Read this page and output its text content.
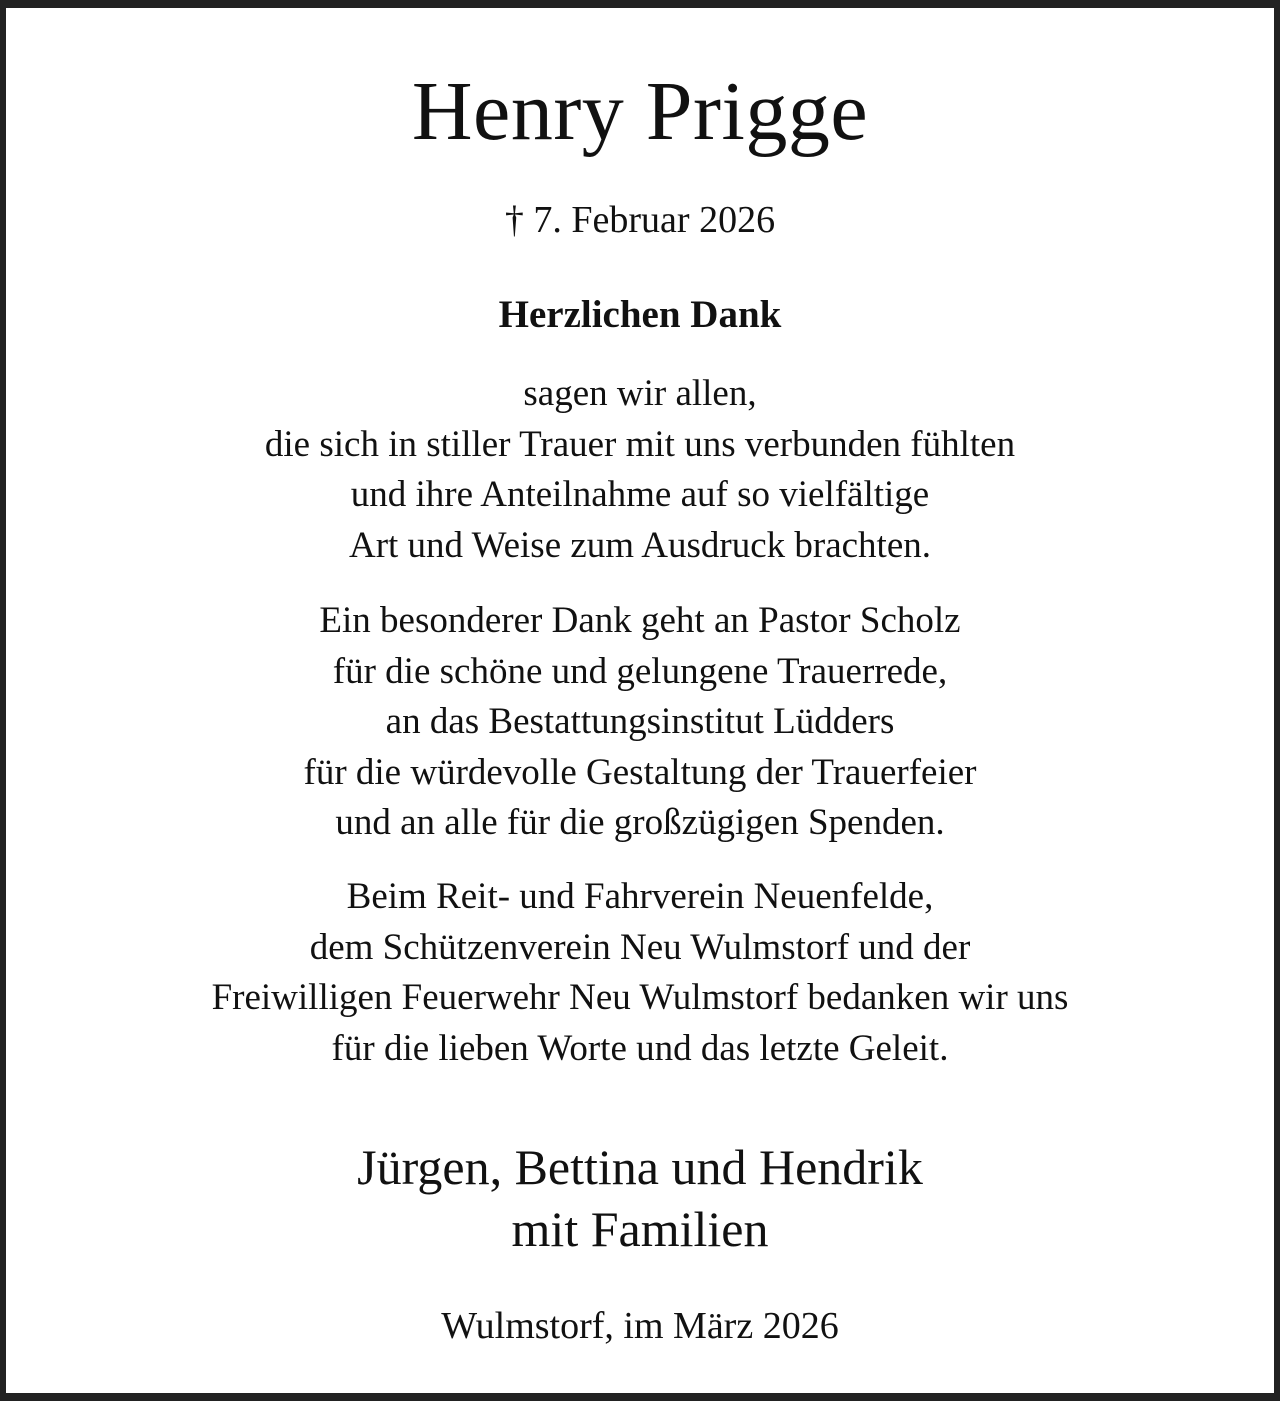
Henry Prigge
† 7. Februar 2026
Herzlichen Dank
sagen wir allen,
die sich in stiller Trauer mit uns verbunden fühlten
und ihre Anteilnahme auf so vielfältige
Art und Weise zum Ausdruck brachten.
Ein besonderer Dank geht an Pastor Scholz
für die schöne und gelungene Trauerrede,
an das Bestattungsinstitut Lüdders
für die würdevolle Gestaltung der Trauerfeier
und an alle für die großzügigen Spenden.
Beim Reit- und Fahrverein Neuenfelde,
dem Schützenverein Neu Wulmstorf und der
Freiwilligen Feuerwehr Neu Wulmstorf bedanken wir uns
für die lieben Worte und das letzte Geleit.
Jürgen, Bettina und Hendrik
mit Familien
Wulmstorf, im März 2026
